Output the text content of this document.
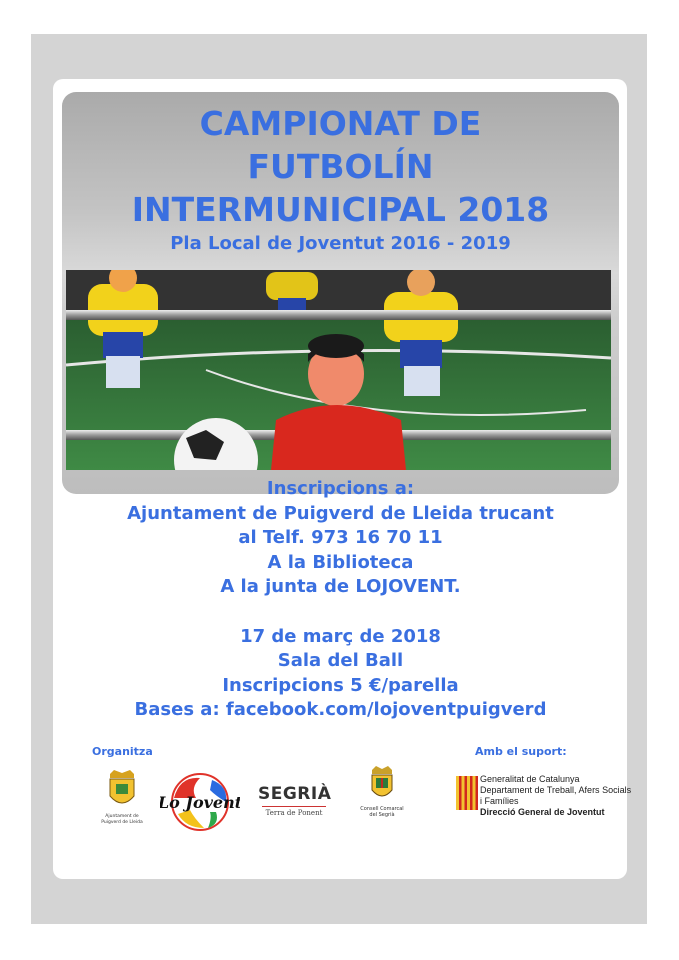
CAMPIONAT DE
FUTBOLÍN
INTERMUNICIPAL 2018
Pla Local de Joventut 2016 - 2019
Inscripcions a:
Ajuntament de Puigverd de Lleida trucant
al Telf. 973 16 70 11
A la Biblioteca
A la junta de LOJOVENT.
17 de març de 2018
Sala del Ball
Inscripcions 5 €/parella
Bases a: facebook.com/lojoventpuigverd
Organitza	Amb el suport:
Ajuntament de Puigverd de Lleida
Lo Jovent SEGRIÀ
Terra de Ponent	Consell Comarcal del Segrià
Generalitat de Catalunya
Departament de Treball, Afers Socials
i Famílies
Direcció General de Joventut
